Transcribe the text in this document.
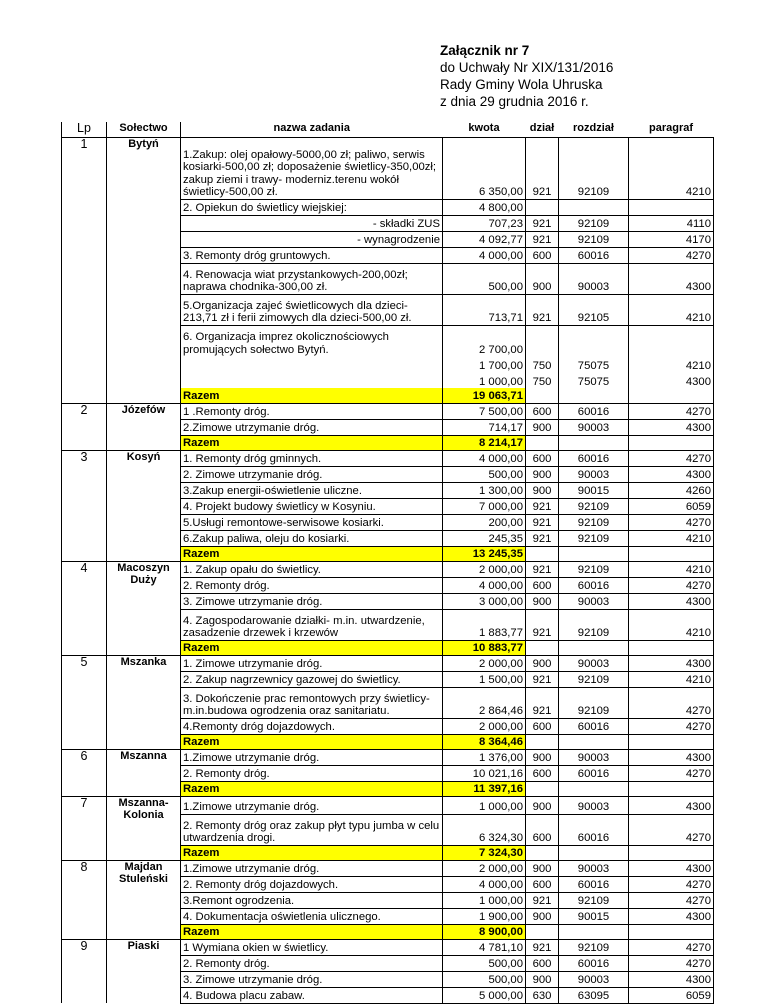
Załącznik nr 7
do Uchwały Nr XIX/131/2016
Rady Gminy Wola Uhruska
z dnia 29 grudnia 2016 r.
Lp	Sołectwo	nazwa zadania	kwota	dział	rozdział	paragraf
1	Bytyń	1.Zakup: olej opałowy-5000,00 zł; paliwo, serwis kosiarki-500,00 zł; doposażenie świetlicy-350,00zł; zakup ziemi i trawy- moderniz.terenu wokół świetlicy-500,00 zł.	6 350,00	921	92109	4210
		2. Opiekun do świetlicy wiejskiej:	4 800,00			
		- składki ZUS	707,23	921	92109	4110
		- wynagrodzenie	4 092,77	921	92109	4170
		3. Remonty dróg gruntowych.	4 000,00	600	60016	4270
		4. Renowacja wiat przystankowych-200,00zł; naprawa chodnika-300,00 zł.	500,00	900	90003	4300
		5.Organizacja zajeć świetlicowych dla dzieci-213,71 zł i ferii zimowych dla dzieci-500,00 zł.	713,71	921	92105	4210
		6. Organizacja imprez okolicznościowych promujących sołectwo Bytyń.	2 700,00			
			1 700,00	750	75075	4210
			1 000,00	750	75075	4300
		Razem	19 063,71			
2	Józefów	1 .Remonty dróg.	7 500,00	600	60016	4270
		2.Zimowe utrzymanie dróg.	714,17	900	90003	4300
		Razem	8 214,17			
3	Kosyń	1. Remonty dróg gminnych.	4 000,00	600	60016	4270
		2. Zimowe utrzymanie dróg.	500,00	900	90003	4300
		3.Zakup energii-oświetlenie uliczne.	1 300,00	900	90015	4260
		4. Projekt budowy świetlicy w Kosyniu.	7 000,00	921	92109	6059
		5.Usługi remontowe-serwisowe kosiarki.	200,00	921	92109	4270
		6.Zakup paliwa, oleju do kosiarki.	245,35	921	92109	4210
		Razem	13 245,35			
4	Macoszyn Duży	1. Zakup opału do świetlicy.	2 000,00	921	92109	4210
		2. Remonty dróg.	4 000,00	600	60016	4270
		3. Zimowe utrzymanie dróg.	3 000,00	900	90003	4300
		4. Zagospodarowanie działki- m.in. utwardzenie, zasadzenie drzewek i krzewów	1 883,77	921	92109	4210
		Razem	10 883,77			
5	Mszanka	1. Zimowe utrzymanie dróg.	2 000,00	900	90003	4300
		2. Zakup nagrzewnicy gazowej do świetlicy.	1 500,00	921	92109	4210
		3. Dokończenie prac remontowych przy świetlicy-m.in.budowa ogrodzenia oraz sanitariatu.	2 864,46	921	92109	4270
		4.Remonty dróg dojazdowych.	2 000,00	600	60016	4270
		Razem	8 364,46			
6	Mszanna	1.Zimowe utrzymanie dróg.	1 376,00	900	90003	4300
		2. Remonty dróg.	10 021,16	600	60016	4270
		Razem	11 397,16			
7	Mszanna-Kolonia	1.Zimowe utrzymanie dróg.	1 000,00	900	90003	4300
		2. Remonty dróg oraz zakup płyt typu jumba w celu utwardzenia drogi.	6 324,30	600	60016	4270
		Razem	7 324,30			
8	Majdan Stuleński	1.Zimowe utrzymanie dróg.	2 000,00	900	90003	4300
		2. Remonty dróg dojazdowych.	4 000,00	600	60016	4270
		3.Remont ogrodzenia.	1 000,00	921	92109	4270
		4. Dokumentacja oświetlenia ulicznego.	1 900,00	900	90015	4300
		Razem	8 900,00			
9	Piaski	1 Wymiana okien w świetlicy.	4 781,10	921	92109	4270
		2. Remonty dróg.	500,00	600	60016	4270
		3. Zimowe utrzymanie dróg.	500,00	900	90003	4300
		4. Budowa placu zabaw.	5 000,00	630	63095	6059
